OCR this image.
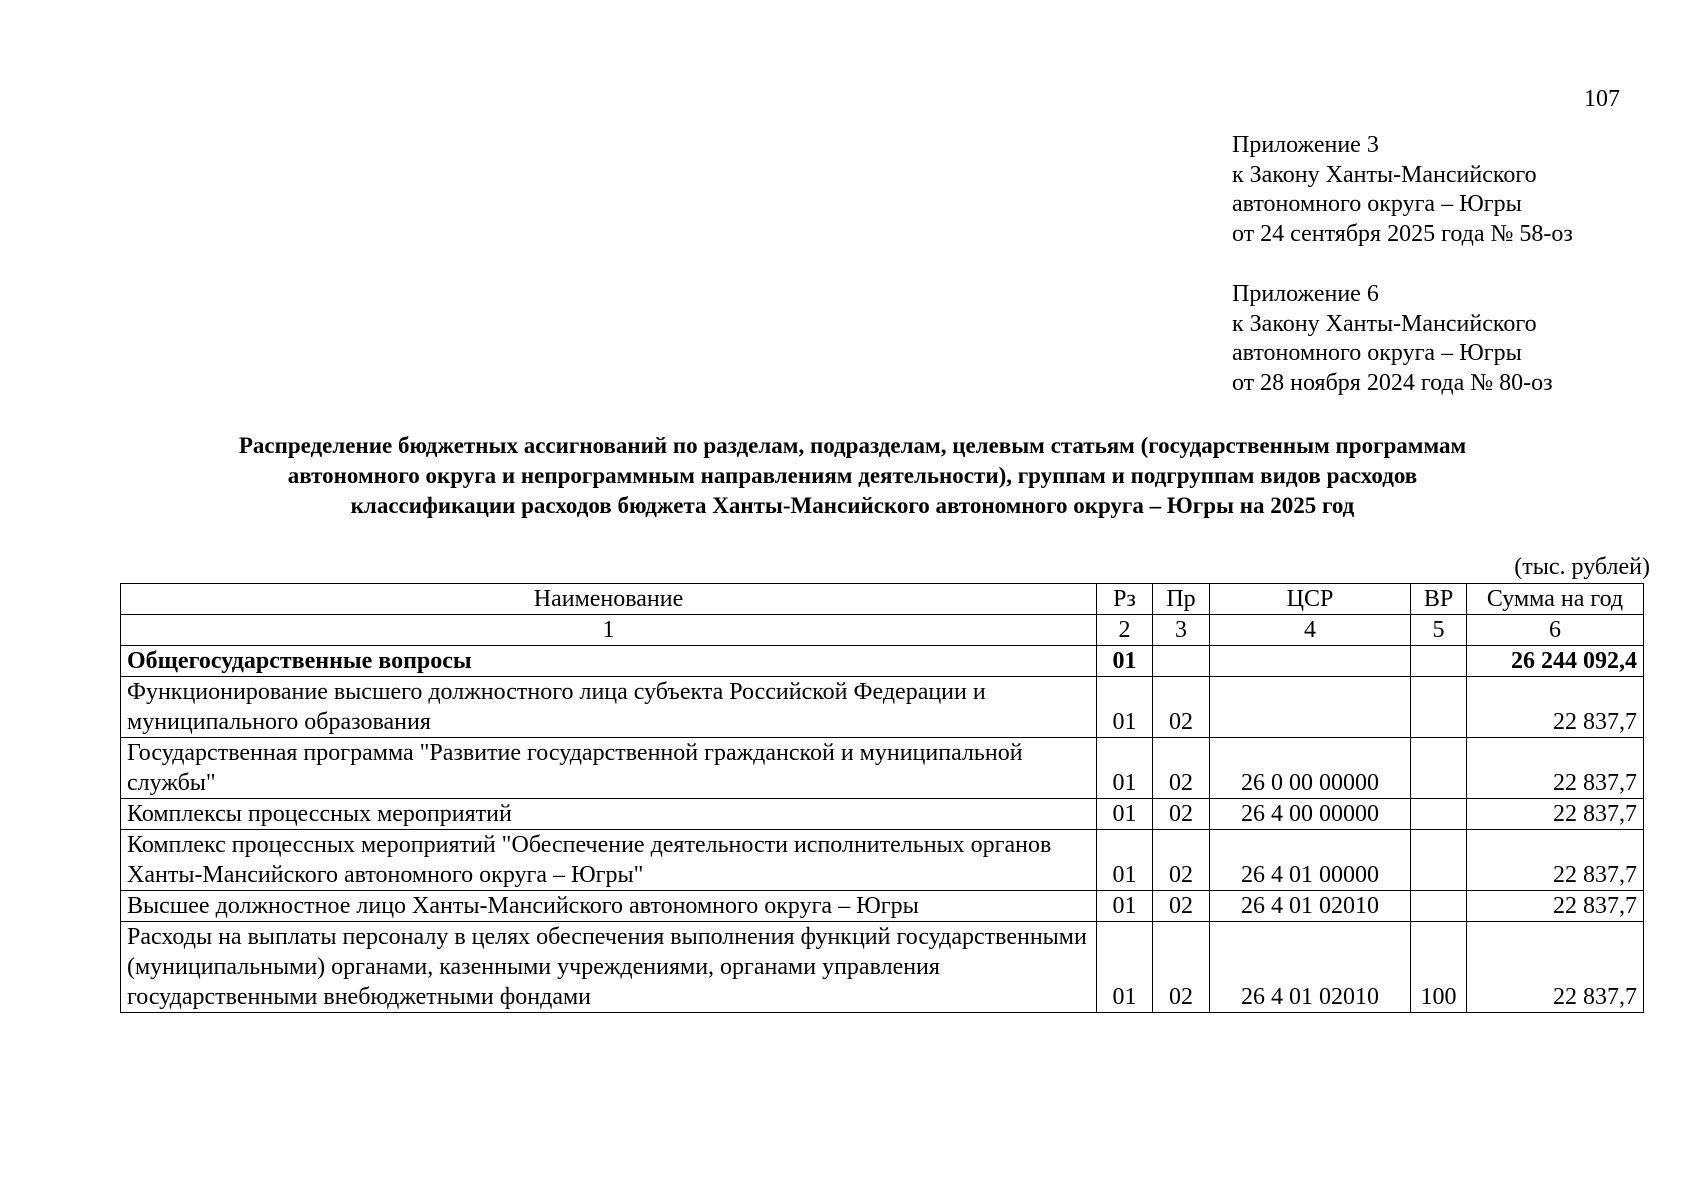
107
Приложение 3
к Закону Ханты-Мансийского
автономного округа – Югры
от 24 сентября 2025 года № 58-оз
Приложение 6
к Закону Ханты-Мансийского
автономного округа – Югры
от 28 ноября 2024 года № 80-оз
Распределение бюджетных ассигнований по разделам, подразделам, целевым статьям (государственным программам
автономного округа и непрограммным направлениям деятельности), группам и подгруппам видов расходов
классификации расходов бюджета Ханты-Мансийского автономного округа – Югры на 2025 год
(тыс. рублей)
Наименование	Рз	Пр	ЦСР	ВР	Сумма на год
1	2	3	4	5	6
Общегосударственные вопросы	01				26 244 092,4
Функционирование высшего должностного лица субъекта Российской Федерации и муниципального образования	01	02			22 837,7
Государственная программа "Развитие государственной гражданской и муниципальной службы"	01	02	26 0 00 00000		22 837,7
Комплексы процессных мероприятий	01	02	26 4 00 00000		22 837,7
Комплекс процессных мероприятий "Обеспечение деятельности исполнительных органов Ханты-Мансийского автономного округа – Югры"	01	02	26 4 01 00000		22 837,7
Высшее должностное лицо Ханты-Мансийского автономного округа – Югры	01	02	26 4 01 02010		22 837,7
Расходы на выплаты персоналу в целях обеспечения выполнения функций государственными (муниципальными) органами, казенными учреждениями, органами управления государственными внебюджетными фондами	01	02	26 4 01 02010	100	22 837,7
